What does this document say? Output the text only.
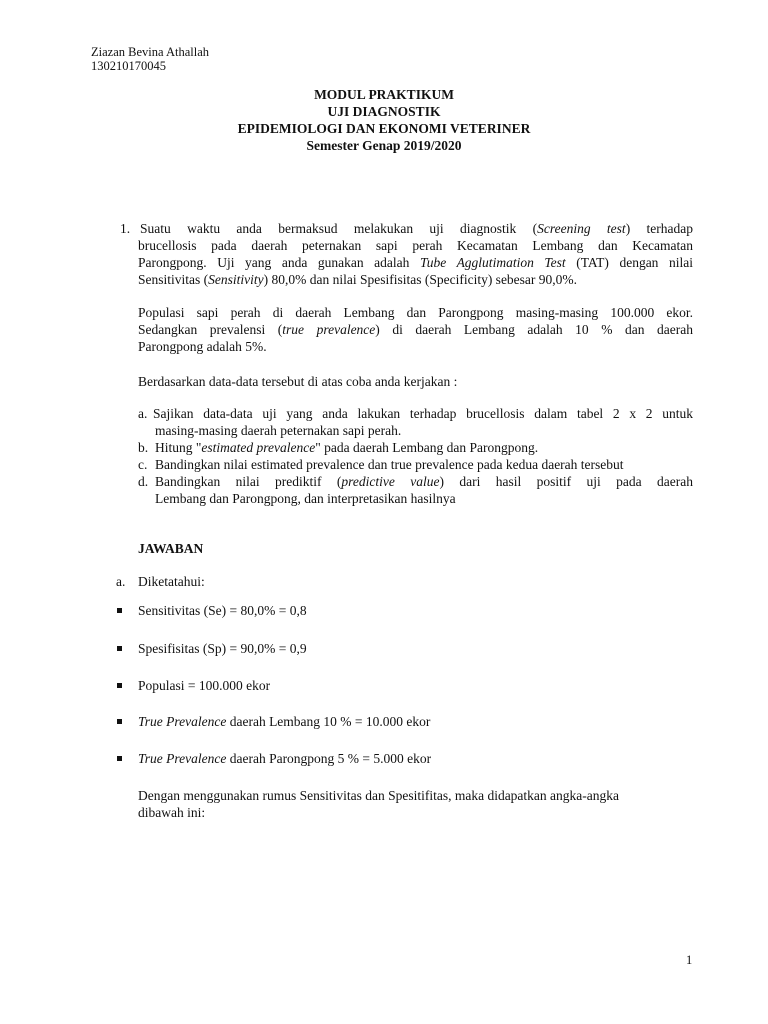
Ziazan Bevina Athallah
130210170045
MODUL PRAKTIKUM
UJI DIAGNOSTIK
EPIDEMIOLOGI DAN EKONOMI VETERINER
Semester Genap 2019/2020
1. Suatu waktu anda bermaksud melakukan uji diagnostik (Screening test) terhadap
brucellosis pada daerah peternakan sapi perah Kecamatan Lembang dan Kecamatan
Parongpong. Uji yang anda gunakan adalah Tube Agglutimation Test (TAT) dengan nilai
Sensitivitas (Sensitivity) 80,0% dan nilai Spesifisitas (Specificity) sebesar 90,0%.
Populasi sapi perah di daerah Lembang dan Parongpong masing-masing 100.000 ekor.
Sedangkan prevalensi (true prevalence) di daerah Lembang adalah 10 % dan daerah
Parongpong adalah 5%.
Berdasarkan data-data tersebut di atas coba anda kerjakan :
a. Sajikan data-data uji yang anda lakukan terhadap brucellosis dalam tabel 2 x 2 untuk
masing-masing daerah peternakan sapi perah.
b. Hitung "estimated prevalence" pada daerah Lembang dan Parongpong.
c. Bandingkan nilai estimated prevalence dan true prevalence pada kedua daerah tersebut
d. Bandingkan nilai prediktif (predictive value) dari hasil positif uji pada daerah
Lembang dan Parongpong, dan interpretasikan hasilnya
JAWABAN
a. Diketatahui:
Sensitivitas (Se) = 80,0% = 0,8
Spesifisitas (Sp) = 90,0% = 0,9
Populasi = 100.000 ekor
True Prevalence daerah Lembang 10 % = 10.000 ekor
True Prevalence daerah Parongpong 5 % = 5.000 ekor
Dengan menggunakan rumus Sensitivitas dan Spesitifitas, maka didapatkan angka-angka
dibawah ini:
1
